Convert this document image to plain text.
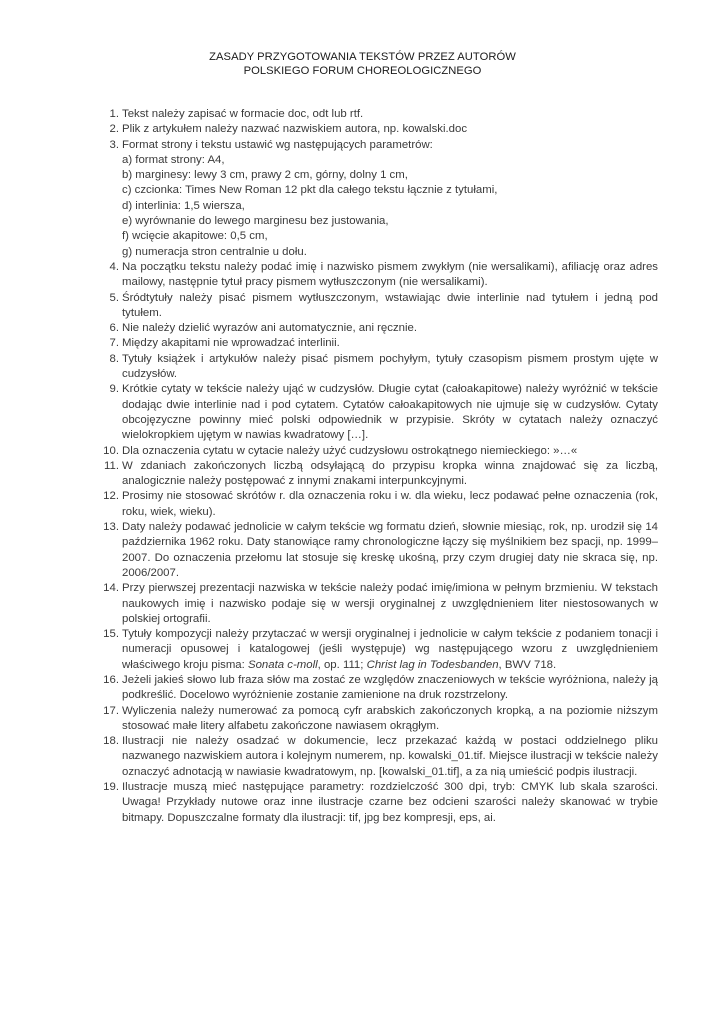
ZASADY PRZYGOTOWANIA TEKSTÓW PRZEZ AUTORÓW
POLSKIEGO FORUM CHOREOLOGICZNEGO
1. Tekst należy zapisać w formacie doc, odt lub rtf.
2. Plik z artykułem należy nazwać nazwiskiem autora, np. kowalski.doc
3. Format strony i tekstu ustawić wg następujących parametrów:
a) format strony: A4,
b) marginesy: lewy 3 cm, prawy 2 cm, górny, dolny 1 cm,
c) czcionka: Times New Roman 12 pkt dla całego tekstu łącznie z tytułami,
d) interlinia: 1,5 wiersza,
e) wyrównanie do lewego marginesu bez justowania,
f) wcięcie akapitowe: 0,5 cm,
g) numeracja stron centralnie u dołu.
4. Na początku tekstu należy podać imię i nazwisko pismem zwykłym (nie wersalikami), afiliację oraz adres mailowy, następnie tytuł pracy pismem wytłuszczonym (nie wersalikami).
5. Śródtytuły należy pisać pismem wytłuszczonym, wstawiając dwie interlinie nad tytułem i jedną pod tytułem.
6. Nie należy dzielić wyrazów ani automatycznie, ani ręcznie.
7. Między akapitami nie wprowadzać interlinii.
8. Tytuły książek i artykułów należy pisać pismem pochyłym, tytuły czasopism pismem prostym ujęte w cudzysłów.
9. Krótkie cytaty w tekście należy ująć w cudzysłów. Długie cytat (całoakapitowe) należy wyróżnić w tekście dodając dwie interlinie nad i pod cytatem. Cytatów całoakapitowych nie ujmuje się w cudzysłów. Cytaty obcojęzyczne powinny mieć polski odpowiednik w przypisie. Skróty w cytatach należy oznaczyć wielokropkiem ujętym w nawias kwadratowy […].
10. Dla oznaczenia cytatu w cytacie należy użyć cudzysłowu ostrokątnego niemieckiego: »…«
11. W zdaniach zakończonych liczbą odsyłającą do przypisu kropka winna znajdować się za liczbą, analogicznie należy postępować z innymi znakami interpunkcyjnymi.
12. Prosimy nie stosować skrótów r. dla oznaczenia roku i w. dla wieku, lecz podawać pełne oznaczenia (rok, roku, wiek, wieku).
13. Daty należy podawać jednolicie w całym tekście wg formatu dzień, słownie miesiąc, rok, np. urodził się 14 października 1962 roku. Daty stanowiące ramy chronologiczne łączy się myślnikiem bez spacji, np. 1999–2007. Do oznaczenia przełomu lat stosuje się kreskę ukośną, przy czym drugiej daty nie skraca się, np. 2006/2007.
14. Przy pierwszej prezentacji nazwiska w tekście należy podać imię/imiona w pełnym brzmieniu. W tekstach naukowych imię i nazwisko podaje się w wersji oryginalnej z uwzględnieniem liter niestosowanych w polskiej ortografii.
15. Tytuły kompozycji należy przytaczać w wersji oryginalnej i jednolicie w całym tekście z podaniem tonacji i numeracji opusowej i katalogowej (jeśli występuje) wg następującego wzoru z uwzględnieniem właściwego kroju pisma: Sonata c-moll, op. 111; Christ lag in Todesbanden, BWV 718.
16. Jeżeli jakieś słowo lub fraza słów ma zostać ze względów znaczeniowych w tekście wyróżniona, należy ją podkreślić. Docelowo wyróżnienie zostanie zamienione na druk rozstrzelony.
17. Wyliczenia należy numerować za pomocą cyfr arabskich zakończonych kropką, a na poziomie niższym stosować małe litery alfabetu zakończone nawiasem okrągłym.
18. Ilustracji nie należy osadzać w dokumencie, lecz przekazać każdą w postaci oddzielnego pliku nazwanego nazwiskiem autora i kolejnym numerem, np. kowalski_01.tif. Miejsce ilustracji w tekście należy oznaczyć adnotacją w nawiasie kwadratowym, np. [kowalski_01.tif], a za nią umieścić podpis ilustracji.
19. Ilustracje muszą mieć następujące parametry: rozdzielczość 300 dpi, tryb: CMYK lub skala szarości. Uwaga! Przykłady nutowe oraz inne ilustracje czarne bez odcieni szarości należy skanować w trybie bitmapy. Dopuszczalne formaty dla ilustracji: tif, jpg bez kompresji, eps, ai.
